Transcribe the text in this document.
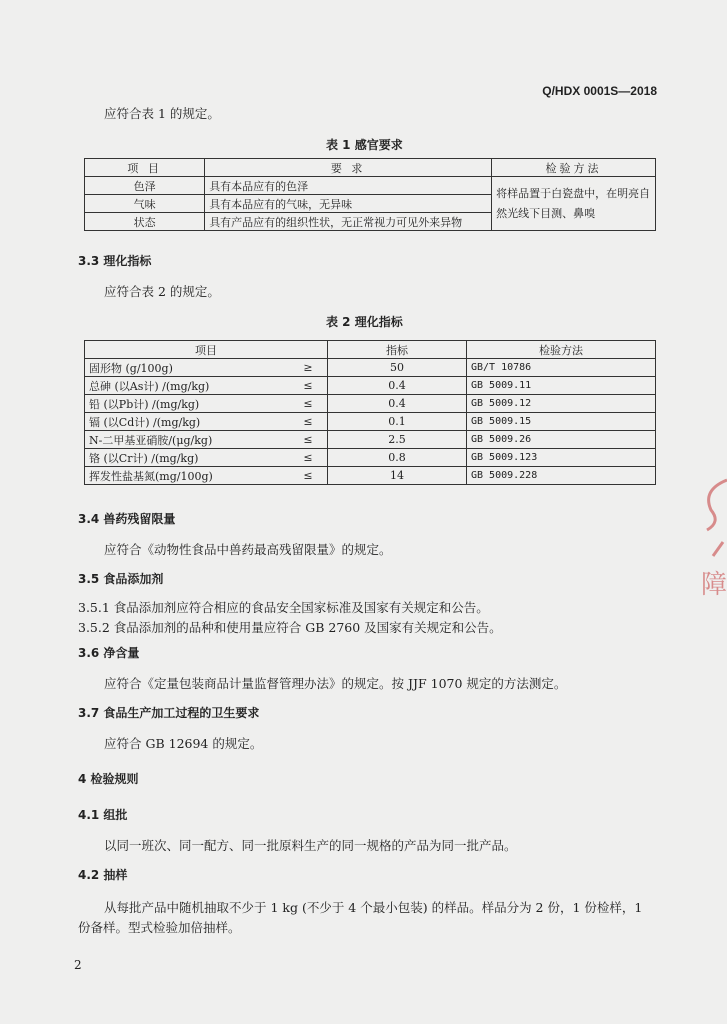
Q/HDX 0001S—2018
应符合表 1 的规定。
表 1 感官要求
项 目	要 求	检验方法
色泽	具有本品应有的色泽	将样品置于白瓷盘中，在明亮自然光线下目测、鼻嗅
气味	具有本品应有的气味，无异味	
状态	具有产品应有的组织性状，无正常视力可见外来异物	
3.3 理化指标
应符合表 2 的规定。
表 2 理化指标
项目		指标	检验方法
固形物 (g/100g)	≥	50	GB/T 10786
总砷 (以As计) /(mg/kg)	≤	0.4	GB 5009.11
铅 (以Pb计) /(mg/kg)	≤	0.4	GB 5009.12
镉 (以Cd计) /(mg/kg)	≤	0.1	GB 5009.15
N-二甲基亚硝胺/(μg/kg)	≤	2.5	GB 5009.26
铬 (以Cr计) /(mg/kg)	≤	0.8	GB 5009.123
挥发性盐基氮(mg/100g)	≤	14	GB 5009.228
3.4 兽药残留限量
应符合《动物性食品中兽药最高残留限量》的规定。
3.5 食品添加剂
3.5.1 食品添加剂应符合相应的食品安全国家标准及国家有关规定和公告。
3.5.2 食品添加剂的品种和使用量应符合 GB 2760 及国家有关规定和公告。
3.6 净含量
应符合《定量包装商品计量监督管理办法》的规定。按 JJF 1070 规定的方法测定。
3.7 食品生产加工过程的卫生要求
应符合 GB 12694 的规定。
4 检验规则
4.1 组批
以同一班次、同一配方、同一批原料生产的同一规格的产品为同一批产品。
4.2 抽样
从每批产品中随机抽取不少于 1 kg (不少于 4 个最小包装) 的样品。样品分为 2 份，1 份检样，1
份备样。型式检验加倍抽样。
障
2
